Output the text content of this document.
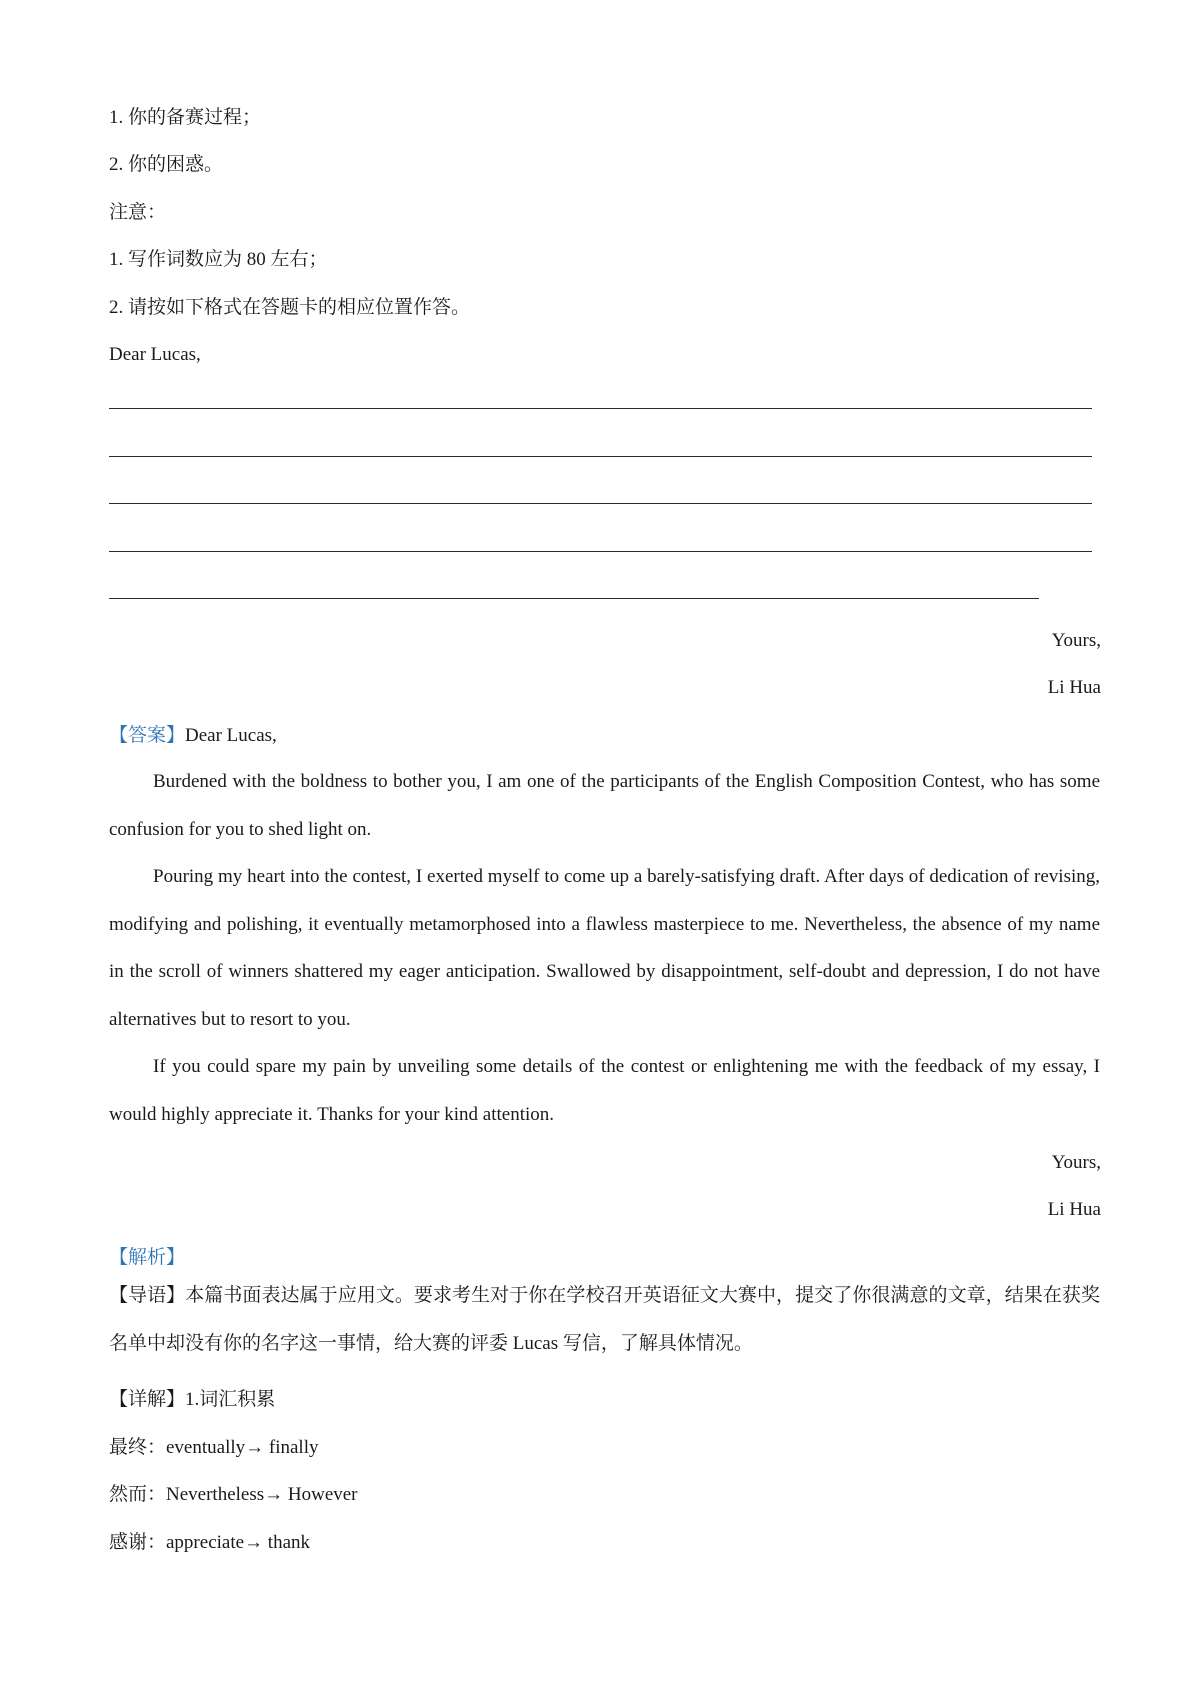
1. 你的备赛过程；
2. 你的困惑。
注意：
1. 写作词数应为 80 左右；
2. 请按如下格式在答题卡的相应位置作答。
Dear Lucas,
Yours,
Li Hua
【答案】Dear Lucas,
Burdened with the boldness to bother you, I am one of the participants of the English Composition Contest, who has some confusion for you to shed light on.
Pouring my heart into the contest, I exerted myself to come up a barely-satisfying draft. After days of dedication of revising, modifying and polishing, it eventually metamorphosed into a flawless masterpiece to me. Nevertheless, the absence of my name in the scroll of winners shattered my eager anticipation. Swallowed by disappointment, self-doubt and depression, I do not have alternatives but to resort to you.
If you could spare my pain by unveiling some details of the contest or enlightening me with the feedback of my essay, I would highly appreciate it. Thanks for your kind attention.
Yours,
Li Hua
【解析】
【导语】本篇书面表达属于应用文。要求考生对于你在学校召开英语征文大赛中，提交了你很满意的文章，结果在获奖名单中却没有你的名字这一事情，给大赛的评委 Lucas 写信，了解具体情况。
【详解】1.词汇积累
最终：eventually→ finally
然而：Nevertheless→ However
感谢：appreciate→ thank
